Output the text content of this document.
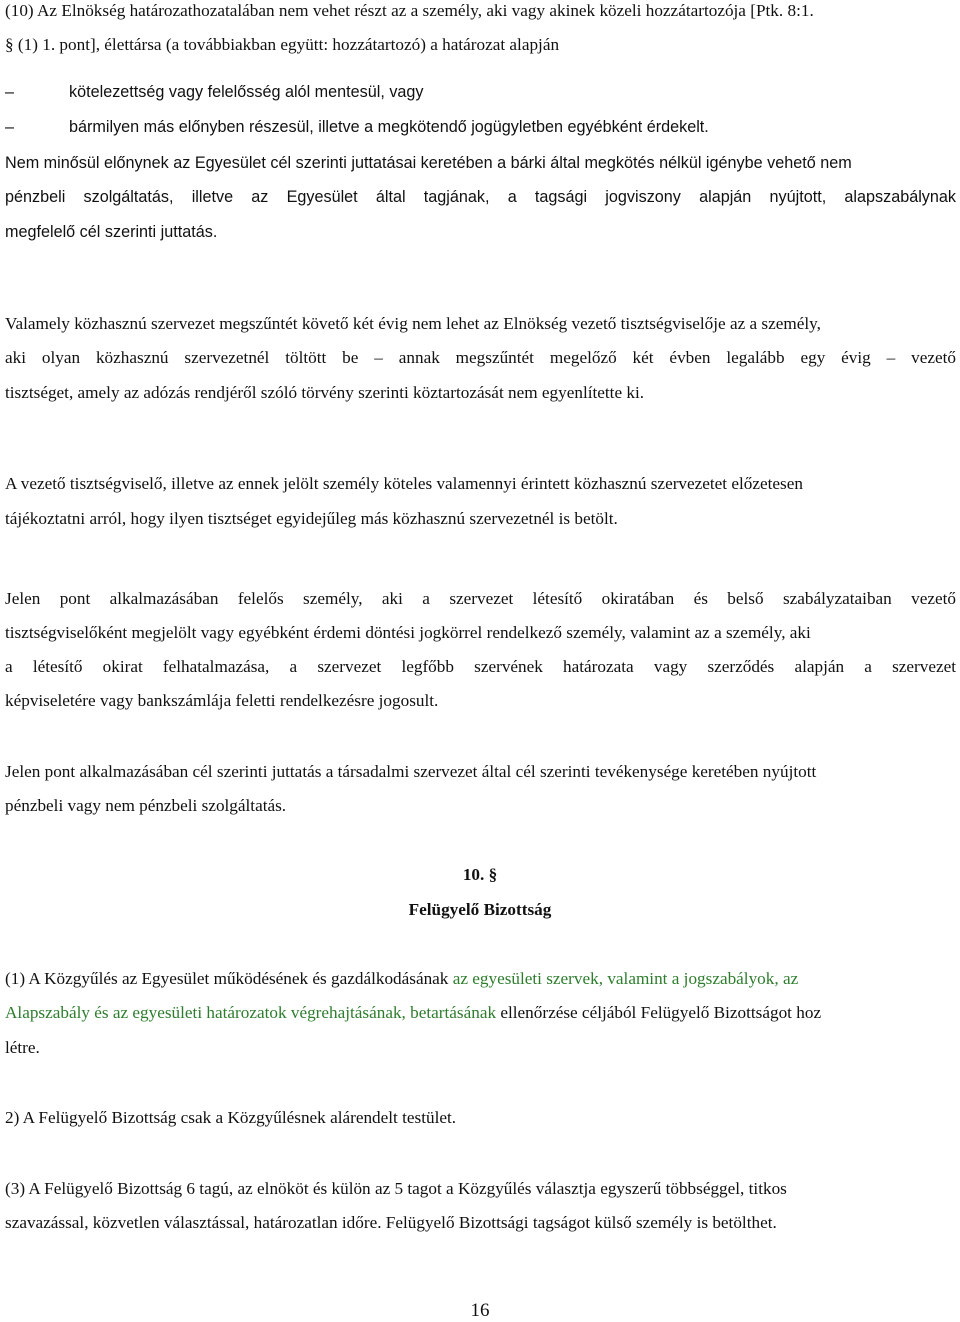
(10) Az Elnökség határozathozatalában nem vehet részt az a személy, aki vagy akinek közeli hozzátartozója [Ptk. 8:1.
§ (1) 1. pont], élettársa (a továbbiakban együtt: hozzátartozó) a határozat alapján
–	kötelezettség vagy felelősség alól mentesül, vagy
–	bármilyen más előnyben részesül, illetve a megkötendő jogügyletben egyébként érdekelt.
Nem minősül előnynek az Egyesület cél szerinti juttatásai keretében a bárki által megkötés nélkül igénybe vehető nem
pénzbeli szolgáltatás, illetve az Egyesület által tagjának, a tagsági jogviszony alapján nyújtott, alapszabálynak
megfelelő cél szerinti juttatás.
Valamely közhasznú szervezet megszűntét követő két évig nem lehet az Elnökség vezető tisztségviselője az a személy,
aki olyan közhasznú szervezetnél töltött be – annak megszűntét megelőző két évben legalább egy évig – vezető
tisztséget, amely az adózás rendjéről szóló törvény szerinti köztartozását nem egyenlítette ki.
A vezető tisztségviselő, illetve az ennek jelölt személy köteles valamennyi érintett közhasznú szervezetet előzetesen
tájékoztatni arról, hogy ilyen tisztséget egyidejűleg más közhasznú szervezetnél is betölt.
Jelen pont alkalmazásában felelős személy, aki a szervezet létesítő okiratában és belső szabályzataiban vezető
tisztségviselőként megjelölt vagy egyébként érdemi döntési jogkörrel rendelkező személy, valamint az a személy, aki
a létesítő okirat felhatalmazása, a szervezet legfőbb szervének határozata vagy szerződés alapján a szervezet
képviseletére vagy bankszámlája feletti rendelkezésre jogosult.
Jelen pont alkalmazásában cél szerinti juttatás a társadalmi szervezet által cél szerinti tevékenysége keretében nyújtott
pénzbeli vagy nem pénzbeli szolgáltatás.
10. §
Felügyelő Bizottság
(1) A Közgyűlés az Egyesület működésének és gazdálkodásának az egyesületi szervek, valamint a jogszabályok, az
Alapszabály és az egyesületi határozatok végrehajtásának, betartásának ellenőrzése céljából Felügyelő Bizottságot hoz
létre.
2) A Felügyelő Bizottság csak a Közgyűlésnek alárendelt testület.
(3) A Felügyelő Bizottság 6 tagú, az elnököt és külön az 5 tagot a Közgyűlés választja egyszerű többséggel, titkos
szavazással, közvetlen választással, határozatlan időre. Felügyelő Bizottsági tagságot külső személy is betölthet.
16
